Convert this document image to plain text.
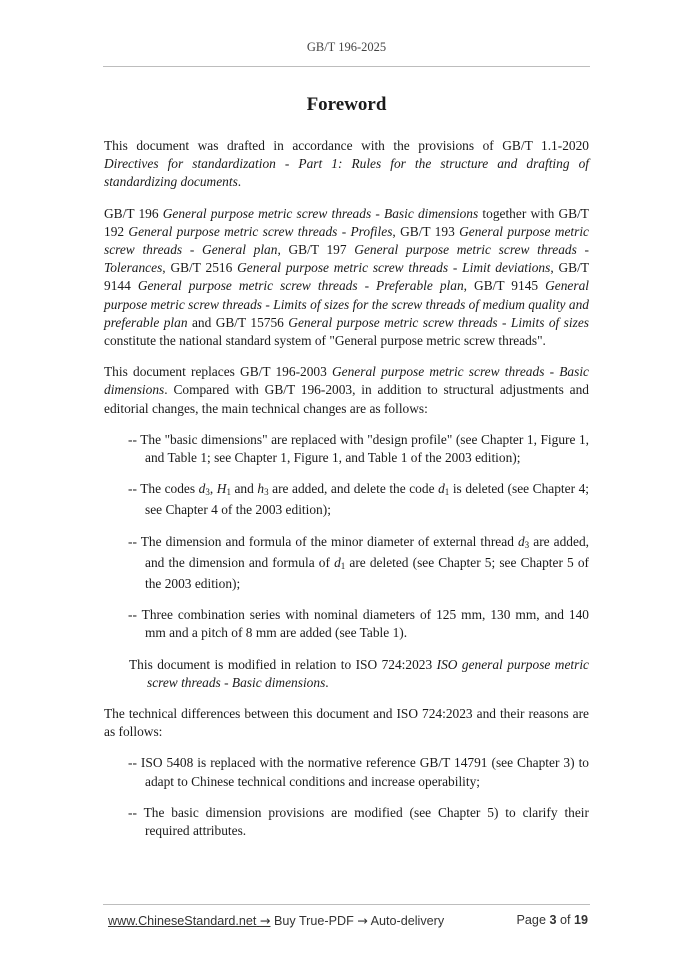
GB/T 196-2025
Foreword

This document was drafted in accordance with the provisions of GB/T 1.1-2020 Directives for standardization - Part 1: Rules for the structure and drafting of standardizing documents.

GB/T 196 General purpose metric screw threads - Basic dimensions together with GB/T 192 General purpose metric screw threads - Profiles, GB/T 193 General purpose metric screw threads - General plan, GB/T 197 General purpose metric screw threads - Tolerances, GB/T 2516 General purpose metric screw threads - Limit deviations, GB/T 9144 General purpose metric screw threads - Preferable plan, GB/T 9145 General purpose metric screw threads - Limits of sizes for the screw threads of medium quality and preferable plan and GB/T 15756 General purpose metric screw threads - Limits of sizes constitute the national standard system of "General purpose metric screw threads".

This document replaces GB/T 196-2003 General purpose metric screw threads - Basic dimensions. Compared with GB/T 196-2003, in addition to structural adjustments and editorial changes, the main technical changes are as follows:

-- The "basic dimensions" are replaced with "design profile" (see Chapter 1, Figure 1, and Table 1; see Chapter 1, Figure 1, and Table 1 of the 2003 edition);

-- The codes $d_3$, $H_1$ and $h_3$ are added, and delete the code $d_1$ is deleted (see Chapter 4; see Chapter 4 of the 2003 edition);

-- The dimension and formula of the minor diameter of external thread $d_3$ are added, and the dimension and formula of $d_1$ are deleted (see Chapter 5; see Chapter 5 of the 2003 edition);

-- Three combination series with nominal diameters of 125 mm, 130 mm, and 140 mm and a pitch of 8 mm are added (see Table 1).

This document is modified in relation to ISO 724:2023 ISO general purpose metric screw threads - Basic dimensions.

The technical differences between this document and ISO 724:2023 and their reasons are as follows:

-- ISO 5408 is replaced with the normative reference GB/T 14791 (see Chapter 3) to adapt to Chinese technical conditions and increase operability;

-- The basic dimension provisions are modified (see Chapter 5) to clarify their required attributes.

www.ChineseStandard.net → Buy True-PDF → Auto-delivery	Page 3 of 19
